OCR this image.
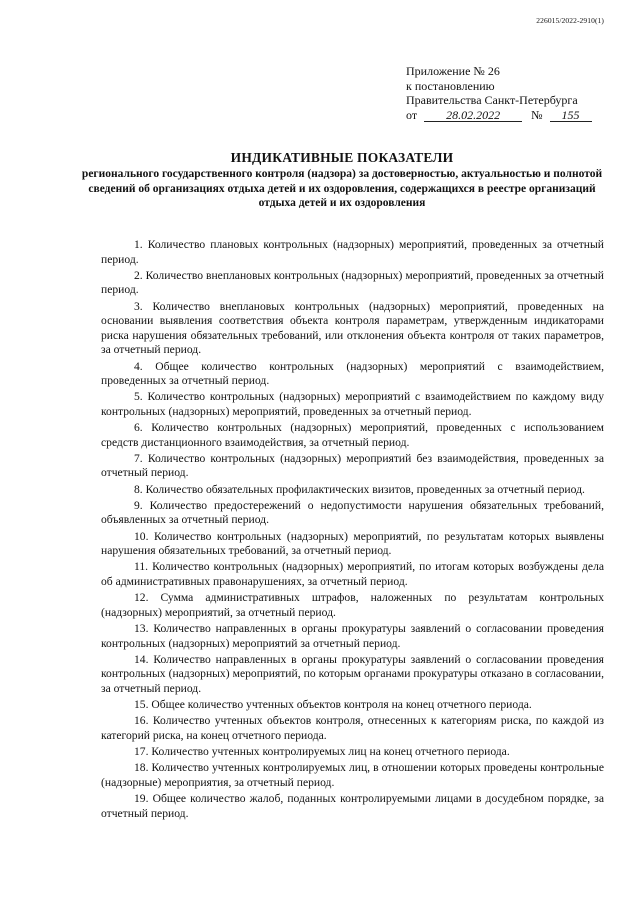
226015/2022-2910(1)
Приложение № 26
к постановлению
Правительства Санкт-Петербурга
от 28.02.2022	№ 155
ИНДИКАТИВНЫЕ ПОКАЗАТЕЛИ
регионального государственного контроля (надзора) за достоверностью, актуальностью и полнотой сведений об организациях отдыха детей и их оздоровления, содержащихся в реестре организаций отдыха детей и их оздоровления

1. Количество плановых контрольных (надзорных) мероприятий, проведенных за отчетный период.

2. Количество внеплановых контрольных (надзорных) мероприятий, проведенных за отчетный период.

3. Количество внеплановых контрольных (надзорных) мероприятий, проведенных на основании выявления соответствия объекта контроля параметрам, утвержденным индикаторами риска нарушения обязательных требований, или отклонения объекта контроля от таких параметров, за отчетный период.

4. Общее количество контрольных (надзорных) мероприятий с взаимодействием, проведенных за отчетный период.

5. Количество контрольных (надзорных) мероприятий с взаимодействием по каждому виду контрольных (надзорных) мероприятий, проведенных за отчетный период.

6. Количество контрольных (надзорных) мероприятий, проведенных с использованием средств дистанционного взаимодействия, за отчетный период.

7. Количество контрольных (надзорных) мероприятий без взаимодействия, проведенных за отчетный период.

8. Количество обязательных профилактических визитов, проведенных за отчетный период.

9. Количество предостережений о недопустимости нарушения обязательных требований, объявленных за отчетный период.

10. Количество контрольных (надзорных) мероприятий, по результатам которых выявлены нарушения обязательных требований, за отчетный период.

11. Количество контрольных (надзорных) мероприятий, по итогам которых возбуждены дела об административных правонарушениях, за отчетный период.

12. Сумма административных штрафов, наложенных по результатам контрольных (надзорных) мероприятий, за отчетный период.

13. Количество направленных в органы прокуратуры заявлений о согласовании проведения контрольных (надзорных) мероприятий за отчетный период.

14. Количество направленных в органы прокуратуры заявлений о согласовании проведения контрольных (надзорных) мероприятий, по которым органами прокуратуры отказано в согласовании, за отчетный период.

15. Общее количество учтенных объектов контроля на конец отчетного периода.

16. Количество учтенных объектов контроля, отнесенных к категориям риска, по каждой из категорий риска, на конец отчетного периода.

17. Количество учтенных контролируемых лиц на конец отчетного периода.

18. Количество учтенных контролируемых лиц, в отношении которых проведены контрольные (надзорные) мероприятия, за отчетный период.

19. Общее количество жалоб, поданных контролируемыми лицами в досудебном порядке, за отчетный период.
